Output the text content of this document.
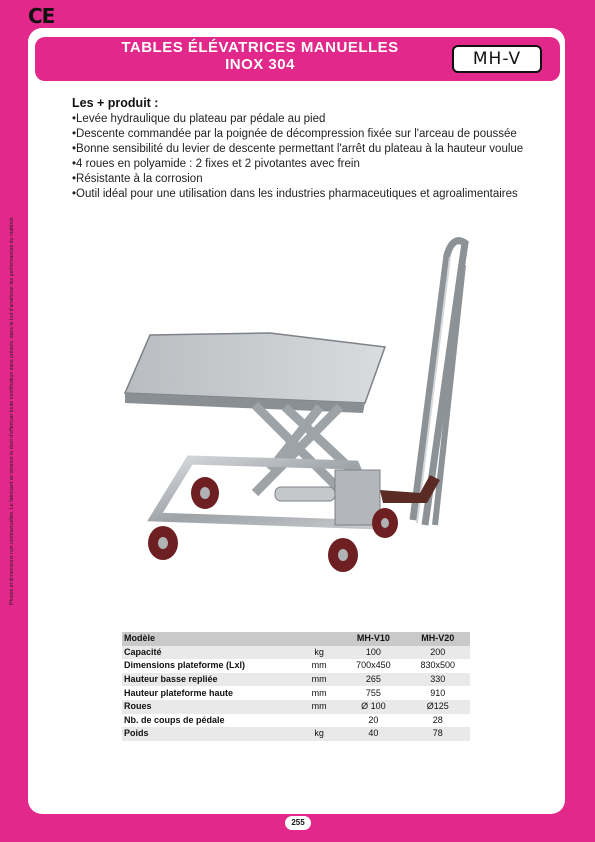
CE
TABLES ÉLÉVATRICES MANUELLES
INOX 304	MH-V
Photos et dimensions non contractuelles. Le fabricant se réserve le droit d'effectuer toute modification sans préavis, dans le but d'améliorer les performances du matériel.
Les + produit :
• Levée hydraulique du plateau par pédale au pied
• Descente commandée par la poignée de décompression fixée sur l'arceau de poussée
• Bonne sensibilité du levier de descente permettant l'arrêt du plateau à la hauteur voulue
• 4 roues en polyamide : 2 fixes et 2 pivotantes avec frein
• Résistante à la corrosion
• Outil idéal pour une utilisation dans les industries pharmaceutiques et agroalimentaires
Modèle		MH-V10	MH-V20
Capacité	kg	100	200
Dimensions plateforme (Lxl)	mm	700x450	830x500
Hauteur basse repliée	mm	265	330
Hauteur plateforme haute	mm	755	910
Roues	mm	Ø 100	Ø125
Nb. de coups de pédale		20	28
Poids	kg	40	78
255
